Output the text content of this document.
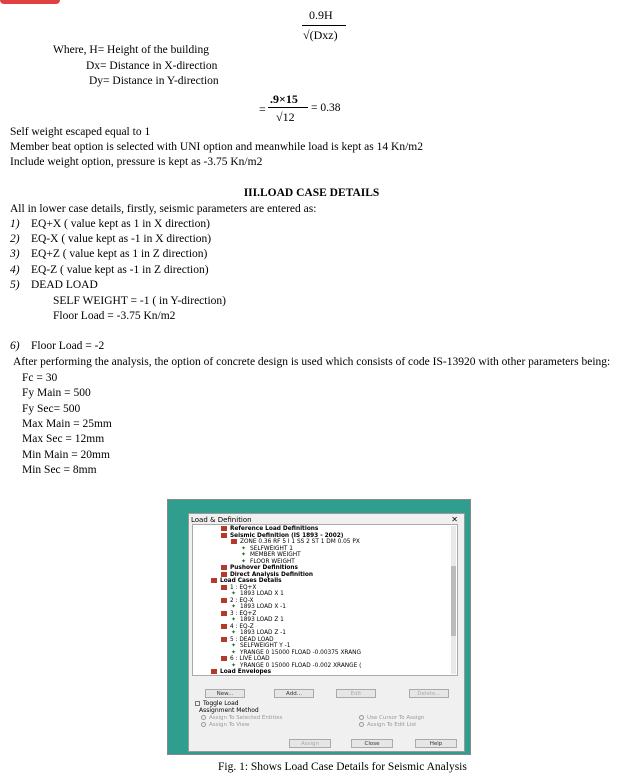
0.9H
√(Dxz)
Where, H= Height of the building
Dx= Distance in X-direction
Dy= Distance in Y-direction
=
.9×15
√12
= 0.38
Self weight escaped equal to 1
Member beat option is selected with UNI option and meanwhile load is kept as 14 Kn/m2
Include weight option, pressure is kept as -3.75 Kn/m2
III.LOAD CASE DETAILS
All in lower case details, firstly, seismic parameters are entered as:
1) EQ+X ( value kept as 1 in X direction)
2) EQ-X ( value kept as -1 in X direction)
3) EQ+Z ( value kept as 1 in Z direction)
4) EQ-Z ( value kept as -1 in Z direction)
5) DEAD LOAD
SELF WEIGHT = -1 ( in Y-direction)
Floor Load = -3.75 Kn/m2
6) Floor Load = -2
After performing the analysis, the option of concrete design is used which consists of code IS-13920 with other parameters being:
Fc = 30
Fy Main = 500
Fy Sec= 500
Max Main = 25mm
Max Sec = 12mm
Min Main = 20mm
Min Sec = 8mm
Load & Definition	✕
Reference Load Definitions
Seismic Definition (IS 1893 - 2002)
ZONE 0.36 RF 5 I 1 SS 2 ST 1 DM 0.05 PX
✦ SELFWEIGHT 1
✦ MEMBER WEIGHT
✦ FLOOR WEIGHT
Pushover Definitions
Direct Analysis Definition
Load Cases Details
1 : EQ+X
✦ 1893 LOAD X 1
2 : EQ-X
✦ 1893 LOAD X -1
3 : EQ+Z
✦ 1893 LOAD Z 1
4 : EQ-Z
✦ 1893 LOAD Z -1
5 : DEAD LOAD
✦ SELFWEIGHT Y -1
✦ YRANGE 0 15000 FLOAD -0.00375 XRANG
6 : LIVE LOAD
✦ YRANGE 0 15000 FLOAD -0.002 XRANGE (
Load Envelopes
New...	Add...	Edit	Delete...
Toggle Load
Assignment Method
Assign To Selected Entities
Assign To View
Use Cursor To Assign
Assign To Edit List
Assign	Close	Help
Fig. 1: Shows Load Case Details for Seismic Analysis
